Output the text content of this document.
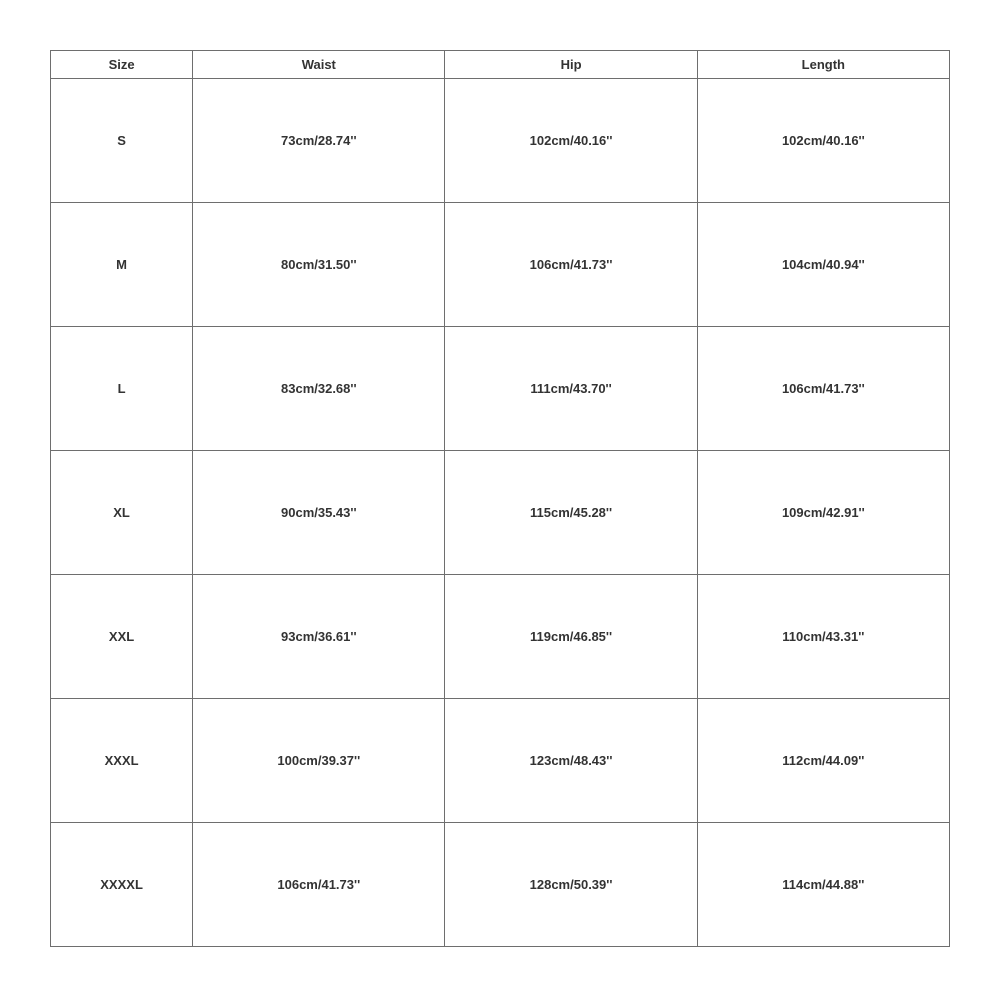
Size	Waist	Hip	Length
S	73cm/28.74''	102cm/40.16''	102cm/40.16''
M	80cm/31.50''	106cm/41.73''	104cm/40.94''
L	83cm/32.68''	111cm/43.70''	106cm/41.73''
XL	90cm/35.43''	115cm/45.28''	109cm/42.91''
XXL	93cm/36.61''	119cm/46.85''	110cm/43.31''
XXXL	100cm/39.37''	123cm/48.43''	112cm/44.09''
XXXXL	106cm/41.73''	128cm/50.39''	114cm/44.88''
